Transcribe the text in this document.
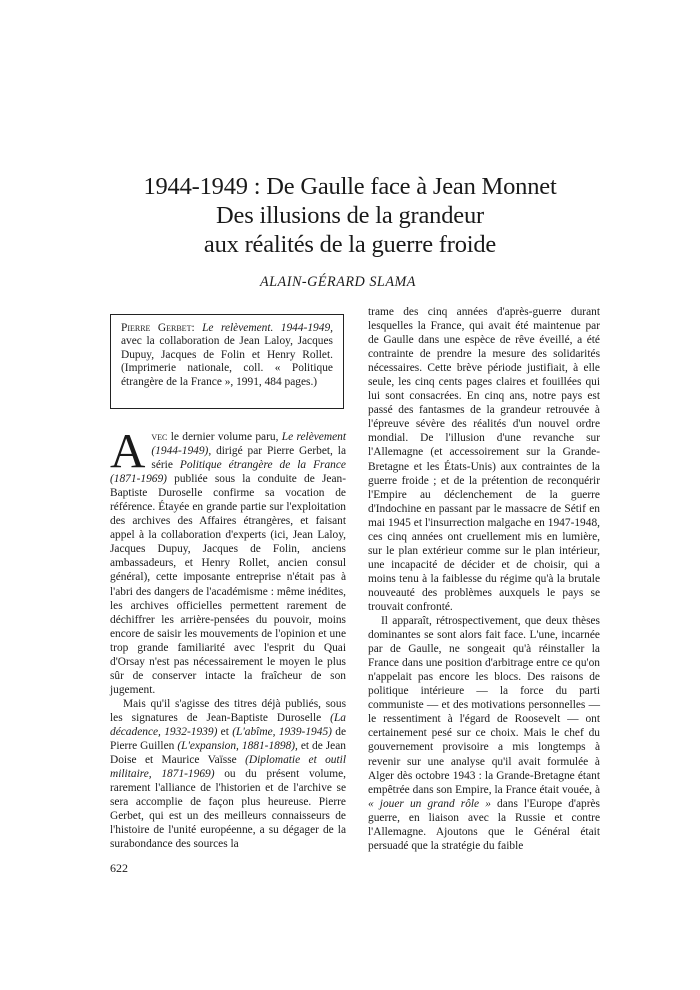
1944-1949 : De Gaulle face à Jean Monnet
Des illusions de la grandeur
aux réalités de la guerre froide
ALAIN-GÉRARD SLAMA
Pierre Gerbet: Le relèvement. 1944-1949, avec la collaboration de Jean Laloy, Jacques Dupuy, Jacques de Folin et Henry Rollet. (Imprimerie nationale, coll. « Politique étrangère de la France », 1991, 484 pages.)

Avec le dernier volume paru, Le relèvement (1944-1949), dirigé par Pierre Gerbet, la série Politique étrangère de la France (1871-1969) publiée sous la conduite de Jean-Baptiste Duroselle confirme sa vocation de référence. Étayée en grande partie sur l'exploitation des archives des Affaires étrangères, et faisant appel à la collaboration d'experts (ici, Jean Laloy, Jacques Dupuy, Jacques de Folin, anciens ambassadeurs, et Henry Rollet, ancien consul général), cette imposante entreprise n'était pas à l'abri des dangers de l'académisme : même inédites, les archives officielles permettent rarement de déchiffrer les arrière-pensées du pouvoir, moins encore de saisir les mouvements de l'opinion et une trop grande familiarité avec l'esprit du Quai d'Orsay n'est pas nécessairement le moyen le plus sûr de conserver intacte la fraîcheur de son jugement.

Mais qu'il s'agisse des titres déjà publiés, sous les signatures de Jean-Baptiste Duroselle (La décadence, 1932-1939) et (L'abîme, 1939-1945) de Pierre Guillen (L'expansion, 1881-1898), et de Jean Doise et Maurice Vaïsse (Diplomatie et outil militaire, 1871-1969) ou du présent volume, rarement l'alliance de l'historien et de l'archive se sera accomplie de façon plus heureuse. Pierre Gerbet, qui est un des meilleurs connaisseurs de l'histoire de l'unité européenne, a su dégager de la surabondance des sources la

trame des cinq années d'après-guerre durant lesquelles la France, qui avait été maintenue par de Gaulle dans une espèce de rêve éveillé, a été contrainte de prendre la mesure des solidarités nécessaires. Cette brève période justifiait, à elle seule, les cinq cents pages claires et fouillées qui lui sont consacrées. En cinq ans, notre pays est passé des fantasmes de la grandeur retrouvée à l'épreuve sévère des réalités d'un nouvel ordre mondial. De l'illusion d'une revanche sur l'Allemagne (et accessoirement sur la Grande-Bretagne et les États-Unis) aux contraintes de la guerre froide ; et de la prétention de reconquérir l'Empire au déclenchement de la guerre d'Indochine en passant par le massacre de Sétif en mai 1945 et l'insurrection malgache en 1947-1948, ces cinq années ont cruellement mis en lumière, sur le plan extérieur comme sur le plan intérieur, une incapacité de décider et de choisir, qui a moins tenu à la faiblesse du régime qu'à la brutale nouveauté des problèmes auxquels le pays se trouvait confronté.

Il apparaît, rétrospectivement, que deux thèses dominantes se sont alors fait face. L'une, incarnée par de Gaulle, ne songeait qu'à réinstaller la France dans une position d'arbitrage entre ce qu'on n'appelait pas encore les blocs. Des raisons de politique intérieure — la force du parti communiste — et des motivations personnelles — le ressentiment à l'égard de Roosevelt — ont certainement pesé sur ce choix. Mais le chef du gouvernement provisoire a mis longtemps à revenir sur une analyse qu'il avait formulée à Alger dès octobre 1943 : la Grande-Bretagne étant empêtrée dans son Empire, la France était vouée, à « jouer un grand rôle » dans l'Europe d'après guerre, en liaison avec la Russie et contre l'Allemagne. Ajoutons que le Général était persuadé que la stratégie du faible

622
